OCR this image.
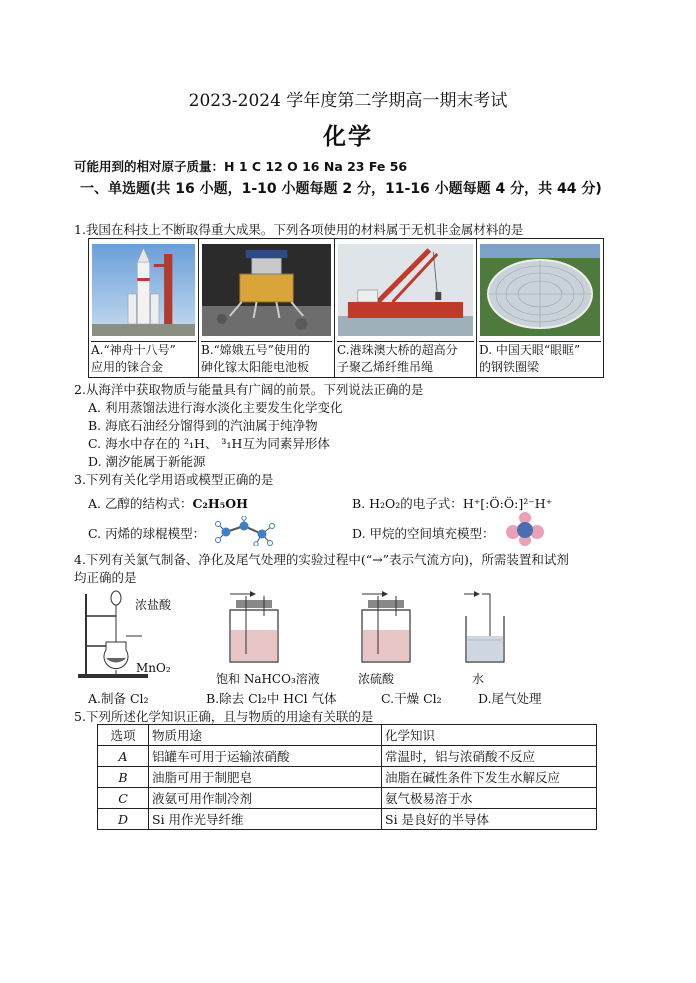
2023-2024 学年度第二学期高一期末考试
化学
可能用到的相对原子质量：H 1 C 12 O 16 Na 23 Fe 56
一、单选题(共 16 小题，1-10 小题每题 2 分，11-16 小题每题 4 分，共 44 分)
1.我国在科技上不断取得重大成果。下列各项使用的材料属于无机非金属材料的是
A.“神舟十八号”
应用的铼合金
B.“嫦娥五号”使用的
砷化镓太阳能电池板
C.港珠澳大桥的超高分
子聚乙烯纤维吊绳
D. 中国天眼“眼眶”
的钢铁圈梁
2.从海洋中获取物质与能量具有广阔的前景。下列说法正确的是
A. 利用蒸馏法进行海水淡化主要发生化学变化
B. 海底石油经分馏得到的汽油属于纯净物
C. 海水中存在的 ²₁H、 ³₁H互为同素异形体
D. 潮汐能属于新能源
3.下列有关化学用语或模型正确的是
A. 乙醇的结构式：C₂H₅OH	B. H₂O₂的电子式：H⁺[:Ö:Ö:]²⁻H⁺
C. 丙烯的球棍模型：	D. 甲烷的空间填充模型：
4.下列有关氯气制备、净化及尾气处理的实验过程中(“→”表示气流方向)，所需装置和试剂
均正确的是
浓盐酸
MnO₂
饱和 NaHCO₃溶液	浓硫酸	水
A.制备 Cl₂	B.除去 Cl₂中 HCl 气体	C.干燥 Cl₂	D.尾气处理
5.下列所述化学知识正确，且与物质的用途有关联的是
选项	物质用途	化学知识
A	铝罐车可用于运输浓硝酸	常温时，铝与浓硝酸不反应
B	油脂可用于制肥皂	油脂在碱性条件下发生水解反应
C	液氨可用作制冷剂	氨气极易溶于水
D	Si 用作光导纤维	Si 是良好的半导体
